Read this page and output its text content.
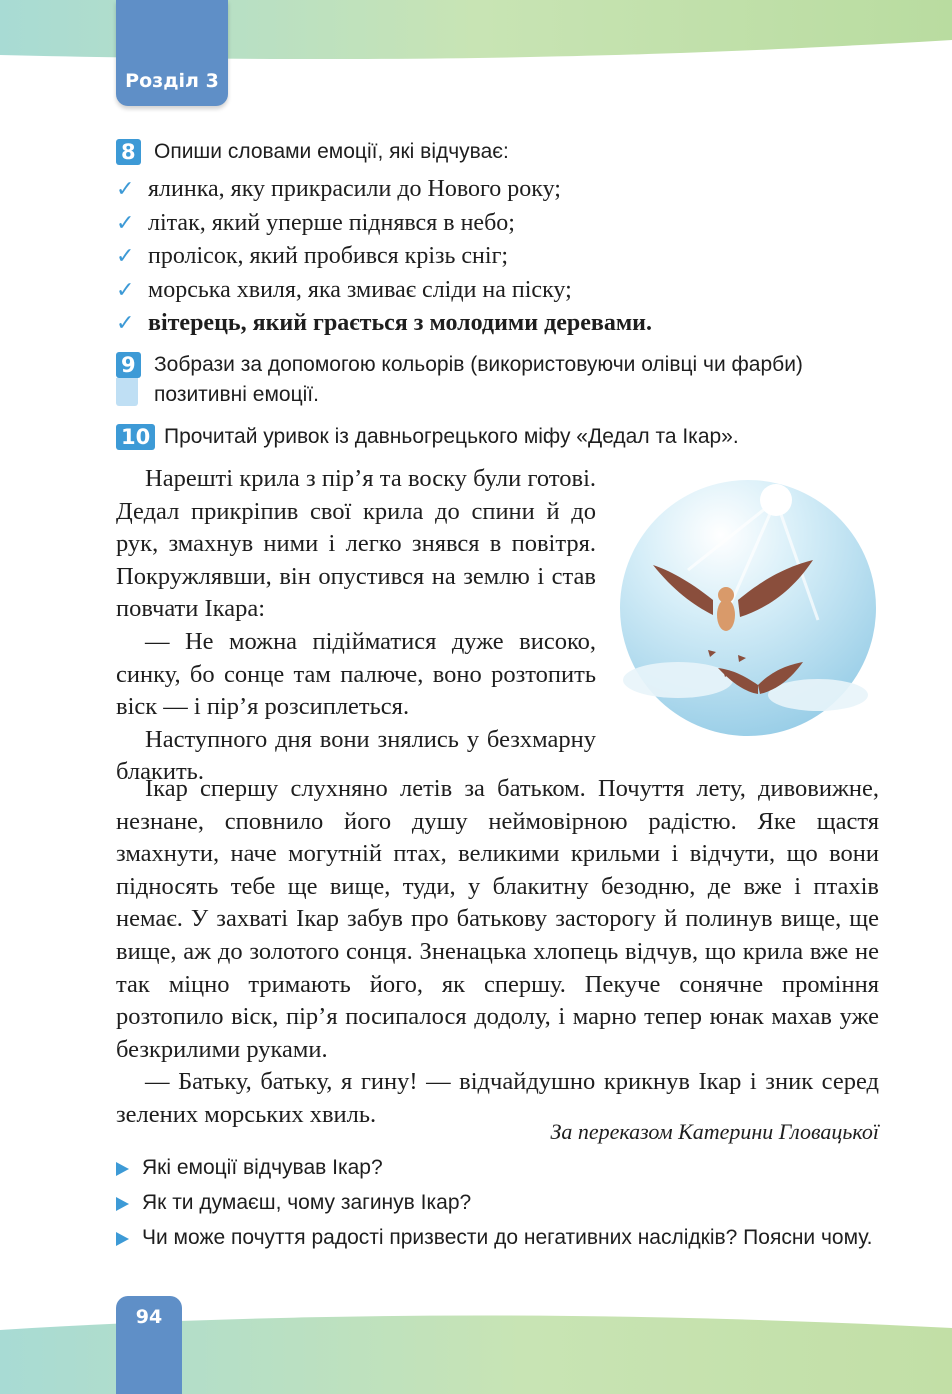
Розділ 3
8 Опиши словами емоції, які відчуває:
✓ ялинка, яку прикрасили до Нового року;
✓ літак, який уперше піднявся в небо;
✓ пролісок, який пробився крізь сніг;
✓ морська хвиля, яка змиває сліди на піску;
✓ вітерець, який грається з молодими деревами.
9 Зобрази за допомогою кольорів (використовуючи олівці чи фарби)
позитивні емоції.
10 Прочитай уривок із давньогрецького міфу «Дедал та Ікар».

Нарешті крила з пір’я та воску були готові. Дедал прикріпив свої крила до спини й до рук, змахнув ними і легко знявся в повітря. Покружлявши, він опустився на землю і став повчати Ікара:

— Не можна підійматися дуже високо, синку, бо сонце там палюче, воно розтопить віск — і пір’я розсиплеться.

Наступного дня вони знялись у безхмарну блакить.

Ікар спершу слухняно летів за батьком. Почуття лету, дивовижне, незнане, сповнило його душу неймовірною радістю. Яке щастя змахнути, наче могутній птах, великими крильми і відчути, що вони підносять тебе ще вище, туди, у блакитну безодню, де вже і птахів немає. У захваті Ікар забув про батькову засторогу й полинув вище, ще вище, аж до золотого сонця. Зненацька хлопець відчув, що крила вже не так міцно тримають його, як спершу. Пекуче сонячне проміння розтопило віск, пір’я посипалося додолу, і марно тепер юнак махав уже безкрилими руками.

— Батьку, батьку, я гину! — відчайдушно крикнув Ікар і зник серед зелених морських хвиль.

За переказом Катерини Гловацької
Які емоції відчував Ікар?
Як ти думаєш, чому загинув Ікар?
Чи може почуття радості призвести до негативних наслідків? Поясни чому.
94
